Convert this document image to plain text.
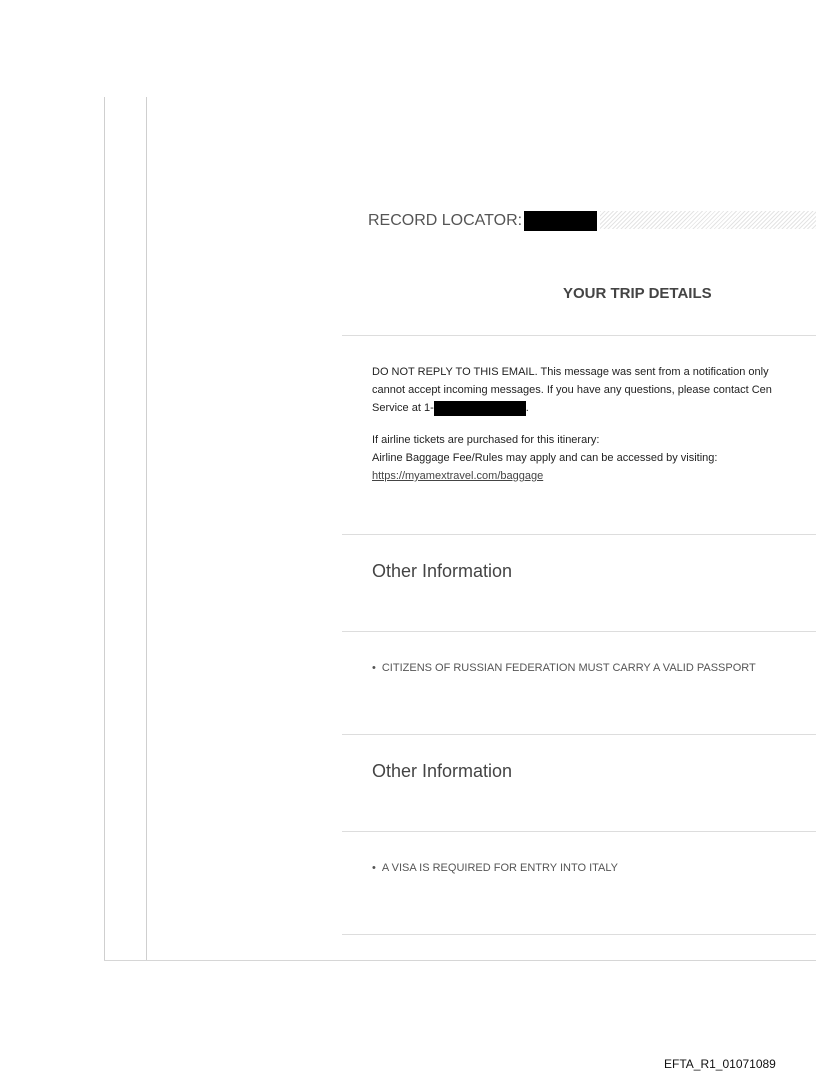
RECORD LOCATOR:
YOUR TRIP DETAILS

DO NOT REPLY TO THIS EMAIL. This message was sent from a notification only

cannot accept incoming messages. If you have any questions, please contact Cen

Service at 1-	.

If airline tickets are purchased for this itinerary:

Airline Baggage Fee/Rules may apply and can be accessed by visiting:

https://myamextravel.com/baggage

Other Information
• CITIZENS OF RUSSIAN FEDERATION MUST CARRY A VALID PASSPORT
Other Information
• A VISA IS REQUIRED FOR ENTRY INTO ITALY
EFTA_R1_01071089
